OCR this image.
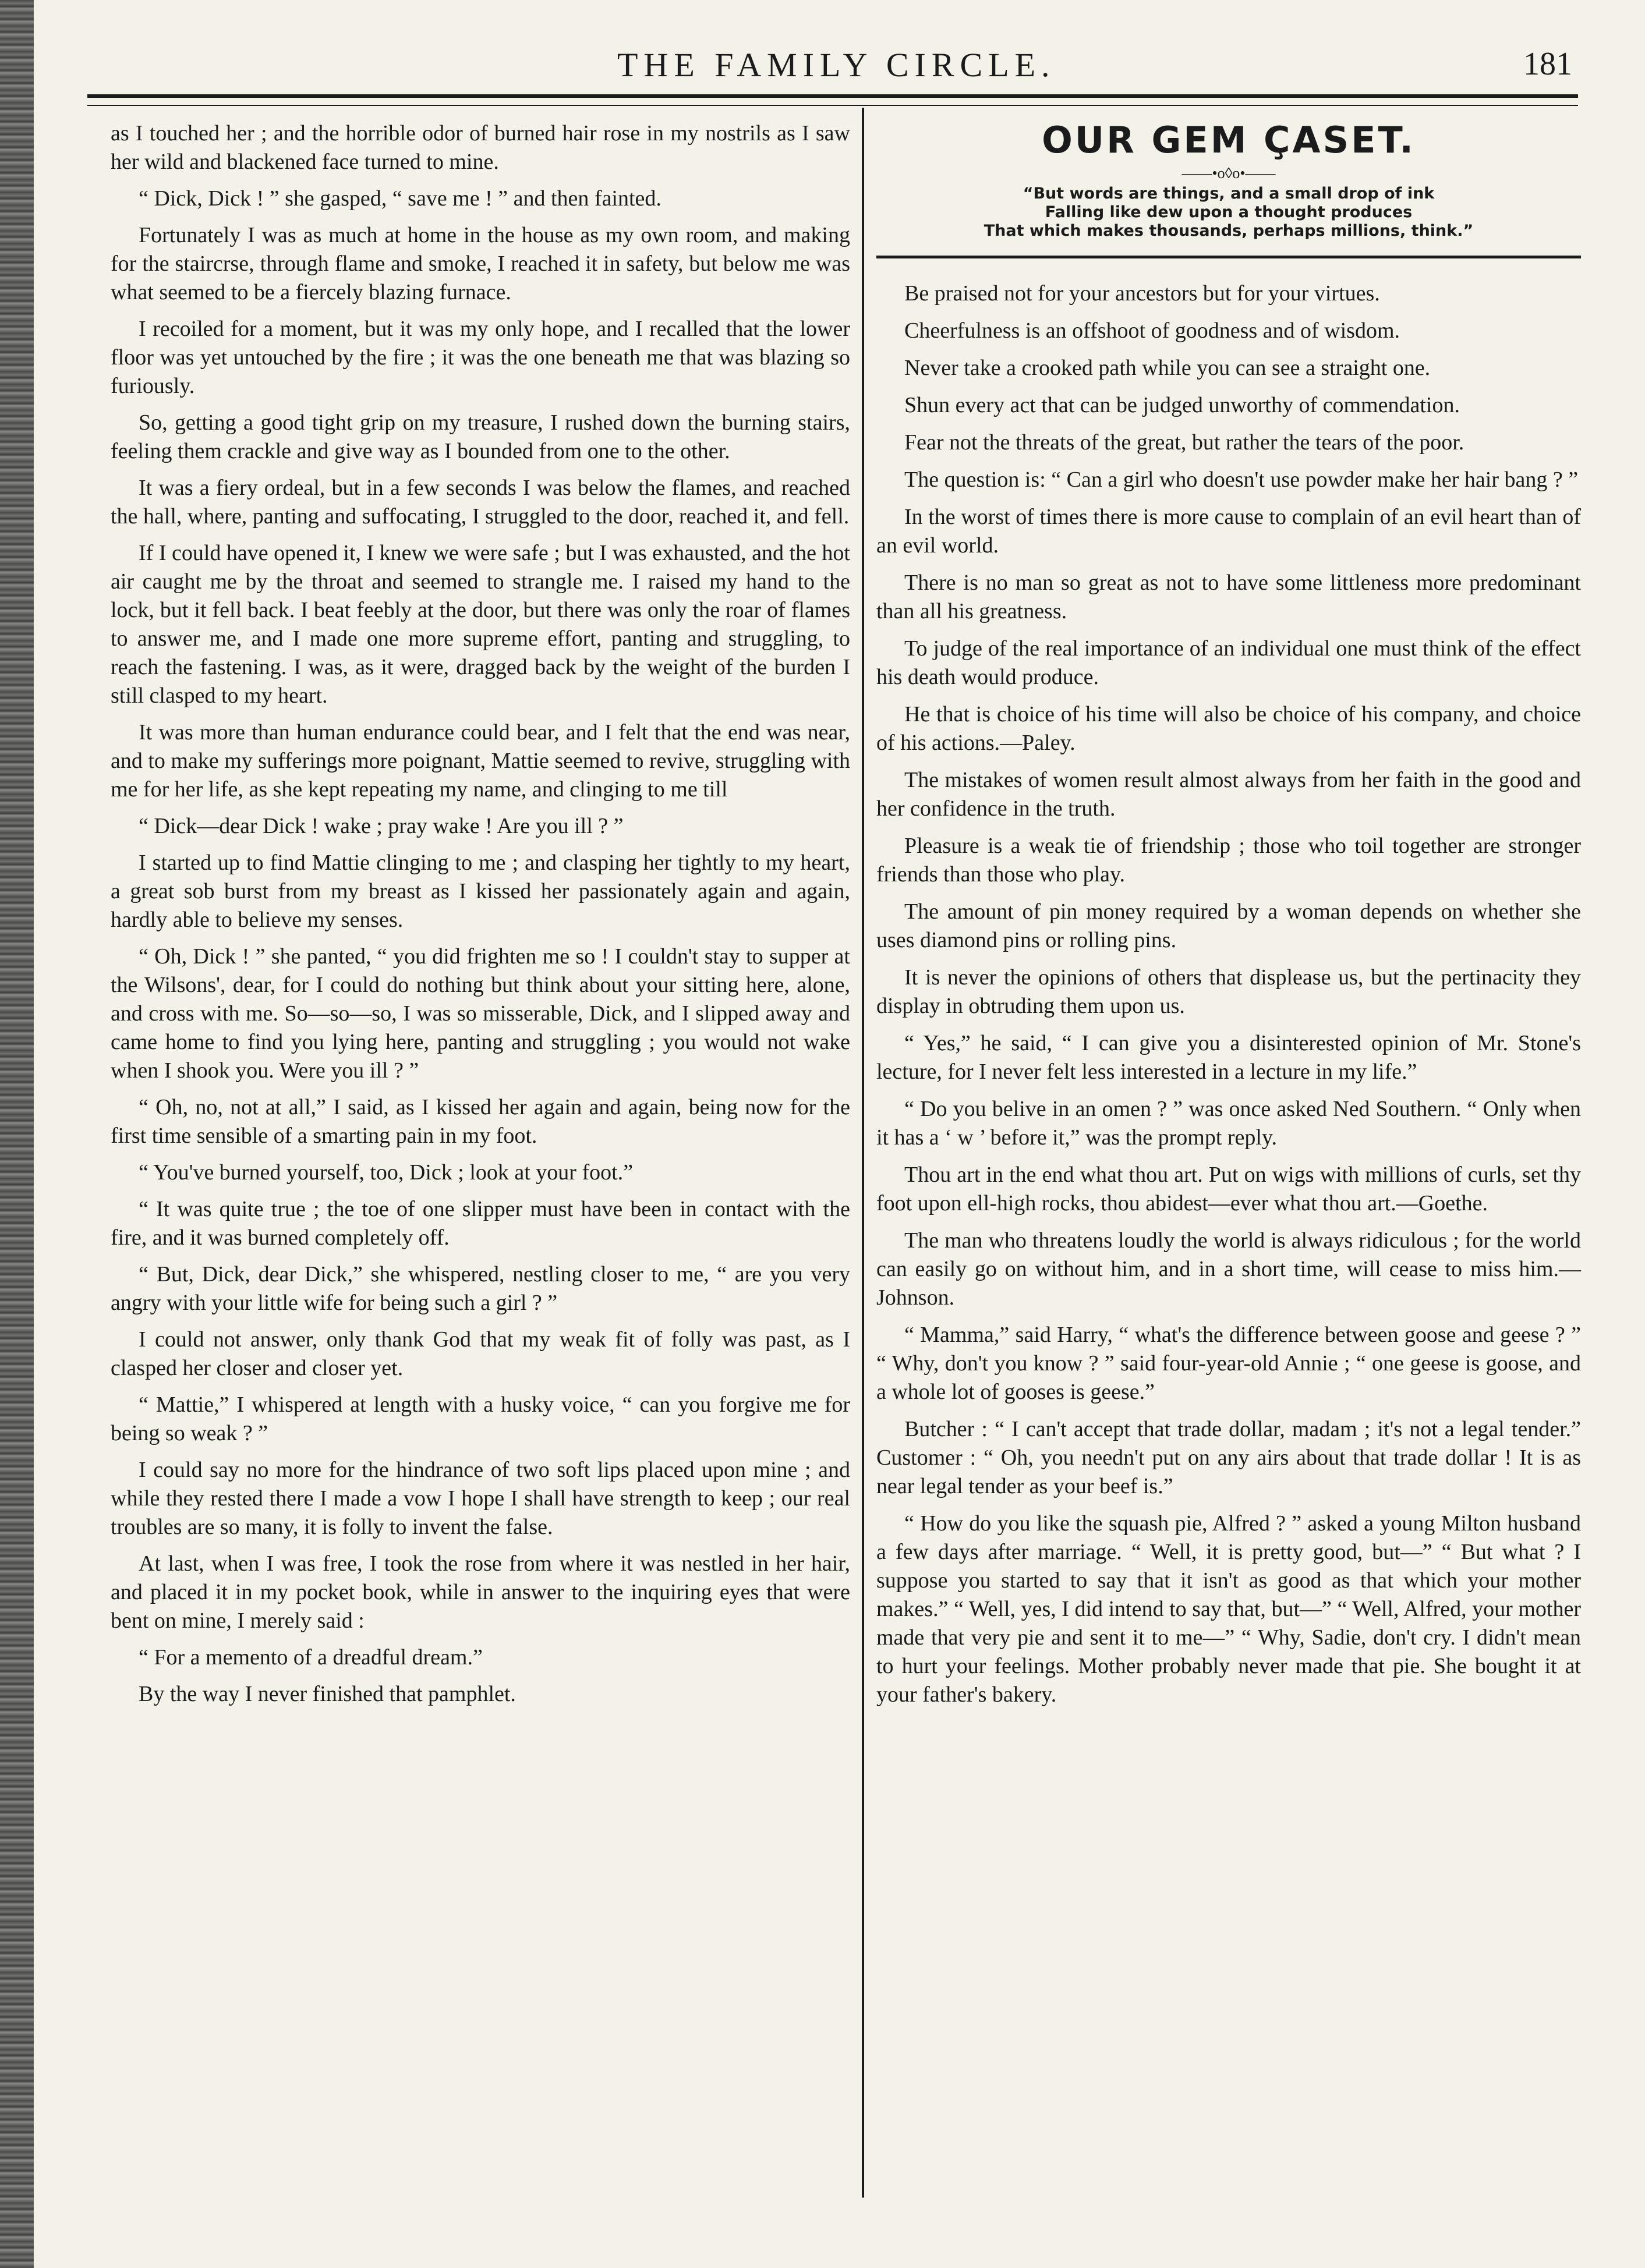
THE FAMILY CIRCLE.	181

as I touched her ; and the horrible odor of burned hair rose in my nostrils as I saw her wild and blackened face turned to mine.

“ Dick, Dick ! ” she gasped, “ save me ! ” and then fainted.

Fortunately I was as much at home in the house as my own room, and making for the staircrse, through flame and smoke, I reached it in safety, but below me was what seemed to be a fiercely blazing furnace.

I recoiled for a moment, but it was my only hope, and I recalled that the lower floor was yet untouched by the fire ; it was the one beneath me that was blazing so furiously.

So, getting a good tight grip on my treasure, I rushed down the burning stairs, feeling them crackle and give way as I bounded from one to the other.

It was a fiery ordeal, but in a few seconds I was below the flames, and reached the hall, where, panting and suffocating, I struggled to the door, reached it, and fell.

If I could have opened it, I knew we were safe ; but I was exhausted, and the hot air caught me by the throat and seemed to strangle me. I raised my hand to the lock, but it fell back. I beat feebly at the door, but there was only the roar of flames to answer me, and I made one more supreme effort, panting and struggling, to reach the fastening. I was, as it were, dragged back by the weight of the burden I still clasped to my heart.

It was more than human endurance could bear, and I felt that the end was near, and to make my sufferings more poignant, Mattie seemed to revive, struggling with me for her life, as she kept repeating my name, and clinging to me till

“ Dick—dear Dick ! wake ; pray wake ! Are you ill ? ”

I started up to find Mattie clinging to me ; and clasping her tightly to my heart, a great sob burst from my breast as I kissed her passionately again and again, hardly able to believe my senses.

“ Oh, Dick ! ” she panted, “ you did frighten me so ! I couldn't stay to supper at the Wilsons', dear, for I could do nothing but think about your sitting here, alone, and cross with me. So—so—so, I was so misserable, Dick, and I slipped away and came home to find you lying here, panting and struggling ; you would not wake when I shook you. Were you ill ? ”

“ Oh, no, not at all,” I said, as I kissed her again and again, being now for the first time sensible of a smarting pain in my foot.

“ You've burned yourself, too, Dick ; look at your foot.”

“ It was quite true ; the toe of one slipper must have been in contact with the fire, and it was burned completely off.

“ But, Dick, dear Dick,” she whispered, nestling closer to me, “ are you very angry with your little wife for being such a girl ? ”

I could not answer, only thank God that my weak fit of folly was past, as I clasped her closer and closer yet.

“ Mattie,” I whispered at length with a husky voice, “ can you forgive me for being so weak ? ”

I could say no more for the hindrance of two soft lips placed upon mine ; and while they rested there I made a vow I hope I shall have strength to keep ; our real troubles are so many, it is folly to invent the false.

At last, when I was free, I took the rose from where it was nestled in her hair, and placed it in my pocket book, while in answer to the inquiring eyes that were bent on mine, I merely said :

“ For a memento of a dreadful dream.”

By the way I never finished that pamphlet.

OUR GEM ÇASET.
——•o◊o•——
“But words are things, and a small drop of ink
Falling like dew upon a thought produces
That which makes thousands, perhaps millions, think.”

Be praised not for your ancestors but for your virtues.

Cheerfulness is an offshoot of goodness and of wisdom.

Never take a crooked path while you can see a straight one.

Shun every act that can be judged unworthy of commendation.

Fear not the threats of the great, but rather the tears of the poor.

The question is: “ Can a girl who doesn't use powder make her hair bang ? ”

In the worst of times there is more cause to complain of an evil heart than of an evil world.

There is no man so great as not to have some littleness more predominant than all his greatness.

To judge of the real importance of an individual one must think of the effect his death would produce.

He that is choice of his time will also be choice of his company, and choice of his actions.—Paley.

The mistakes of women result almost always from her faith in the good and her confidence in the truth.

Pleasure is a weak tie of friendship ; those who toil together are stronger friends than those who play.

The amount of pin money required by a woman depends on whether she uses diamond pins or rolling pins.

It is never the opinions of others that displease us, but the pertinacity they display in obtruding them upon us.

“ Yes,” he said, “ I can give you a disinterested opinion of Mr. Stone's lecture, for I never felt less interested in a lecture in my life.”

“ Do you belive in an omen ? ” was once asked Ned Southern. “ Only when it has a ‘ w ’ before it,” was the prompt reply.

Thou art in the end what thou art. Put on wigs with millions of curls, set thy foot upon ell-high rocks, thou abidest—ever what thou art.—Goethe.

The man who threatens loudly the world is always ridiculous ; for the world can easily go on without him, and in a short time, will cease to miss him.—Johnson.

“ Mamma,” said Harry, “ what's the difference between goose and geese ? ” “ Why, don't you know ? ” said four-year-old Annie ; “ one geese is goose, and a whole lot of gooses is geese.”

Butcher : “ I can't accept that trade dollar, madam ; it's not a legal tender.” Customer : “ Oh, you needn't put on any airs about that trade dollar ! It is as near legal tender as your beef is.”

“ How do you like the squash pie, Alfred ? ” asked a young Milton husband a few days after marriage. “ Well, it is pretty good, but—” “ But what ? I suppose you started to say that it isn't as good as that which your mother makes.” “ Well, yes, I did intend to say that, but—” “ Well, Alfred, your mother made that very pie and sent it to me—” “ Why, Sadie, don't cry. I didn't mean to hurt your feelings. Mother probably never made that pie. She bought it at your father's bakery.
